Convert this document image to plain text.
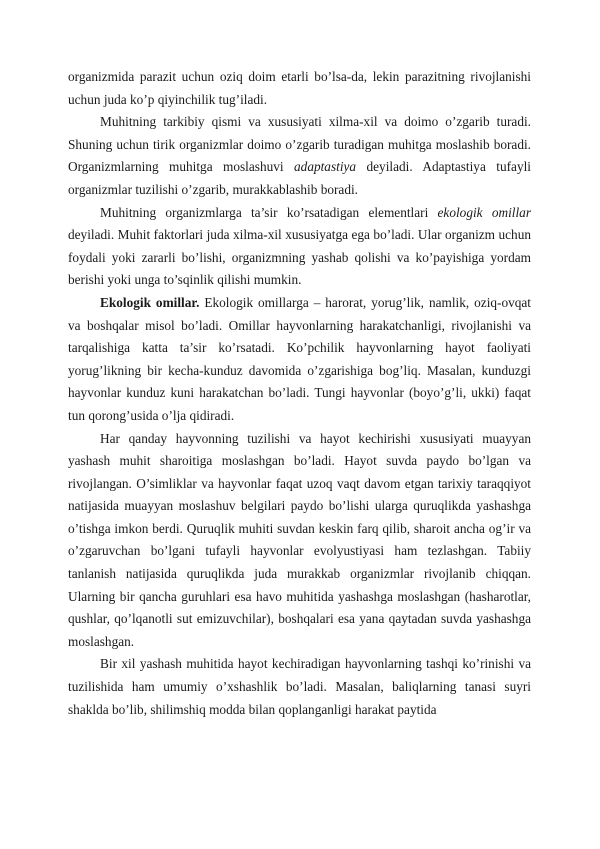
organizmida parazit uchun oziq doim etarli bo’lsa-da, lekin parazitning rivojlanishi uchun juda ko’p qiyinchilik tug’iladi.

Muhitning tarkibiy qismi va xususiyati xilma-xil va doimo o’zgarib turadi. Shuning uchun tirik organizmlar doimo o’zgarib turadigan muhitga moslashib boradi. Organizmlarning muhitga moslashuvi adaptastiya deyiladi. Adaptastiya tufayli organizmlar tuzilishi o’zgarib, murakkablashib boradi.

Muhitning organizmlarga ta’sir ko’rsatadigan elementlari ekologik omillar deyiladi. Muhit faktorlari juda xilma-xil xususiyatga ega bo’ladi. Ular organizm uchun foydali yoki zararli bo’lishi, organizmning yashab qolishi va ko’payishiga yordam berishi yoki unga to’sqinlik qilishi mumkin.

Ekologik omillar. Ekologik omillarga – harorat, yorug’lik, namlik, oziq-ovqat va boshqalar misol bo’ladi. Omillar hayvonlarning harakatchanligi, rivojlanishi va tarqalishiga katta ta’sir ko’rsatadi. Ko’pchilik hayvonlarning hayot faoliyati yorug’likning bir kecha-kunduz davomida o’zgarishiga bog’liq. Masalan, kunduzgi hayvonlar kunduz kuni harakatchan bo’ladi. Tungi hayvonlar (boyo’g’li, ukki) faqat tun qorong’usida o’lja qidiradi.

Har qanday hayvonning tuzilishi va hayot kechirishi xususiyati muayyan yashash muhit sharoitiga moslashgan bo’ladi. Hayot suvda paydo bo’lgan va rivojlangan. O’simliklar va hayvonlar faqat uzoq vaqt davom etgan tarixiy taraqqiyot natijasida muayyan moslashuv belgilari paydo bo’lishi ularga quruqlikda yashashga o’tishga imkon berdi. Quruqlik muhiti suvdan keskin farq qilib, sharoit ancha og’ir va o’zgaruvchan bo’lgani tufayli hayvonlar evolyustiyasi ham tezlashgan. Tabiiy tanlanish natijasida quruqlikda juda murakkab organizmlar rivojlanib chiqqan. Ularning bir qancha guruhlari esa havo muhitida yashashga moslashgan (hasharotlar, qushlar, qo’lqanotli sut emizuvchilar), boshqalari esa yana qaytadan suvda yashashga moslashgan.

Bir xil yashash muhitida hayot kechiradigan hayvonlarning tashqi ko’rinishi va tuzilishida ham umumiy o’xshashlik bo’ladi. Masalan, baliqlarning tanasi suyri shaklda bo’lib, shilimshiq modda bilan qoplanganligi harakat paytida
